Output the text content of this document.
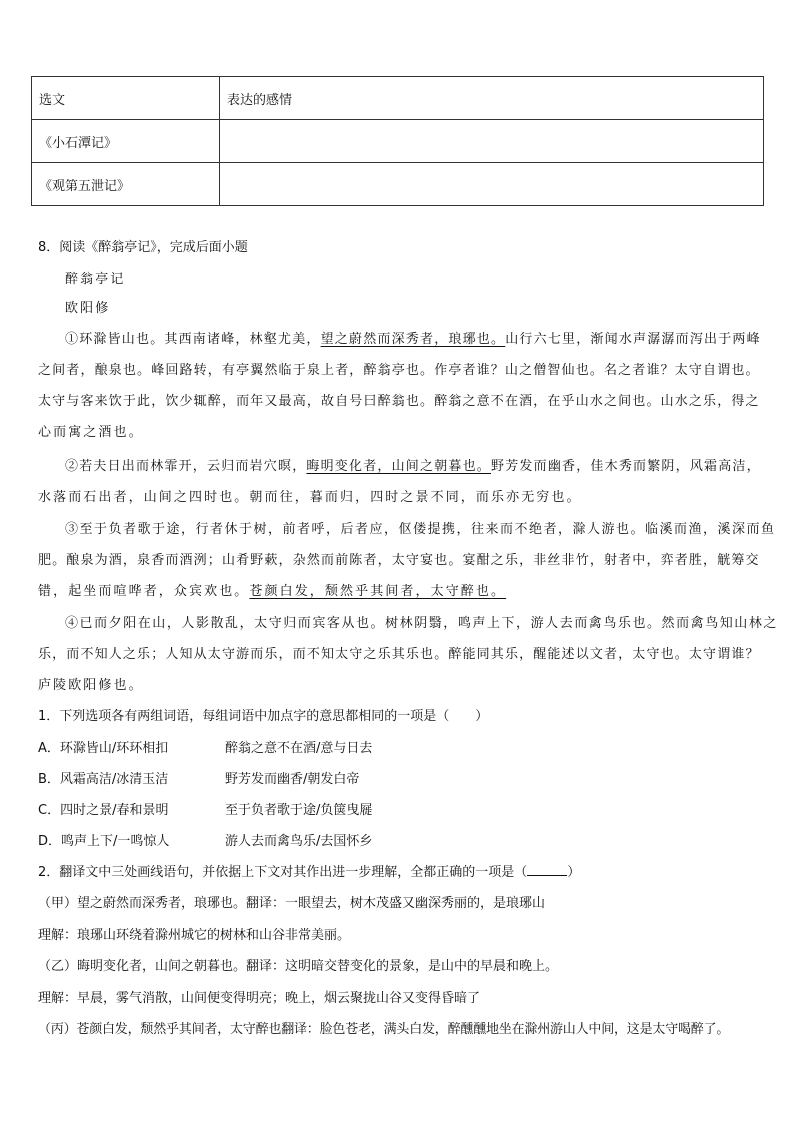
选文	表达的感情
《小石潭记》	
《观第五泄记》	
8．阅读《醉翁亭记》，完成后面小题
醉翁亭记
欧阳修
①环滁皆山也。其西南诸峰，林壑尤美，望之蔚然而深秀者，琅琊也。山行六七里，渐闻水声潺潺而泻出于两峰
之间者，酿泉也。峰回路转，有亭翼然临于泉上者，醉翁亭也。作亭者谁？山之僧智仙也。名之者谁？太守自谓也。
太守与客来饮于此，饮少辄醉，而年又最高，故自号曰醉翁也。醉翁之意不在酒，在乎山水之间也。山水之乐，得之
心而寓之酒也。
②若夫日出而林霏开，云归而岩穴暝，晦明变化者，山间之朝暮也。野芳发而幽香，佳木秀而繁阴，风霜高洁，
水落而石出者，山间之四时也。朝而往，暮而归，四时之景不同，而乐亦无穷也。
③至于负者歌于途，行者休于树，前者呼，后者应，伛偻提携，往来而不绝者，滁人游也。临溪而渔，溪深而鱼
肥。酿泉为酒，泉香而酒洌；山肴野蔌，杂然而前陈者，太守宴也。宴酣之乐，非丝非竹，射者中，弈者胜，觥筹交
错，起坐而喧哗者，众宾欢也。苍颜白发，颓然乎其间者，太守醉也。
④已而夕阳在山，人影散乱，太守归而宾客从也。树林阴翳，鸣声上下，游人去而禽鸟乐也。然而禽鸟知山林之
乐，而不知人之乐；人知从太守游而乐，而不知太守之乐其乐也。醉能同其乐，醒能述以文者，太守也。太守谓谁？
庐陵欧阳修也。
1．下列选项各有两组词语，每组词语中加点字的意思都相同的一项是（　　）
A．环滁皆山/环环相扣	醉翁之意不在酒/意与日去
B．风霜高洁/冰清玉洁	野芳发而幽香/朝发白帝
C．四时之景/春和景明	至于负者歌于途/负箧曳屣
D．鸣声上下/一鸣惊人	游人去而禽鸟乐/去国怀乡
2．翻译文中三处画线语句，并依据上下文对其作出进一步理解，全都正确的一项是（	）
（甲）望之蔚然而深秀者，琅琊也。翻译：一眼望去，树木茂盛又幽深秀丽的，是琅琊山
理解：琅琊山环绕着滁州城它的树林和山谷非常美丽。
（乙）晦明变化者，山间之朝暮也。翻译：这明暗交替变化的景象，是山中的早晨和晚上。
理解：早晨，雾气消散，山间便变得明亮；晚上，烟云聚拢山谷又变得昏暗了
（丙）苍颜白发，颓然乎其间者，太守醉也翻译：脸色苍老，满头白发，醉醺醺地坐在滁州游山人中间，这是太守喝醉了。
